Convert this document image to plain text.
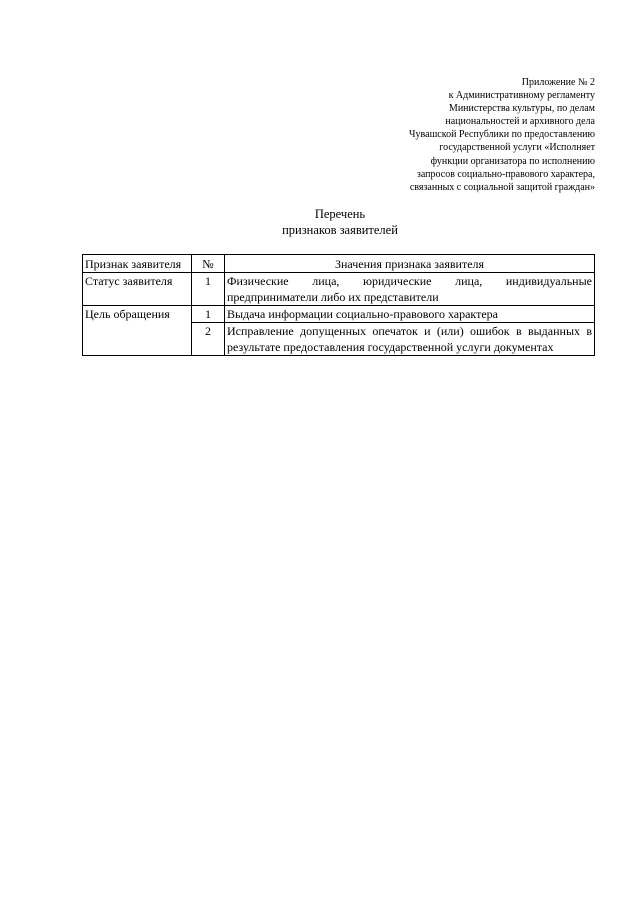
Приложение № 2
к Административному регламенту
Министерства культуры, по делам
национальностей и архивного дела
Чувашской Республики по предоставлению
государственной услуги «Исполняет
функции организатора по исполнению
запросов социально-правового характера,
связанных с социальной защитой граждан»
Перечень
признаков заявителей
Признак заявителя	№	Значения признака заявителя
Статус заявителя	1	Физические лица, юридические лица, индивидуальные предприниматели либо их представители
Цель обращения	1	Выдача информации социально-правового характера
	2	Исправление допущенных опечаток и (или) ошибок в выданных в результате предоставления государственной услуги документах
